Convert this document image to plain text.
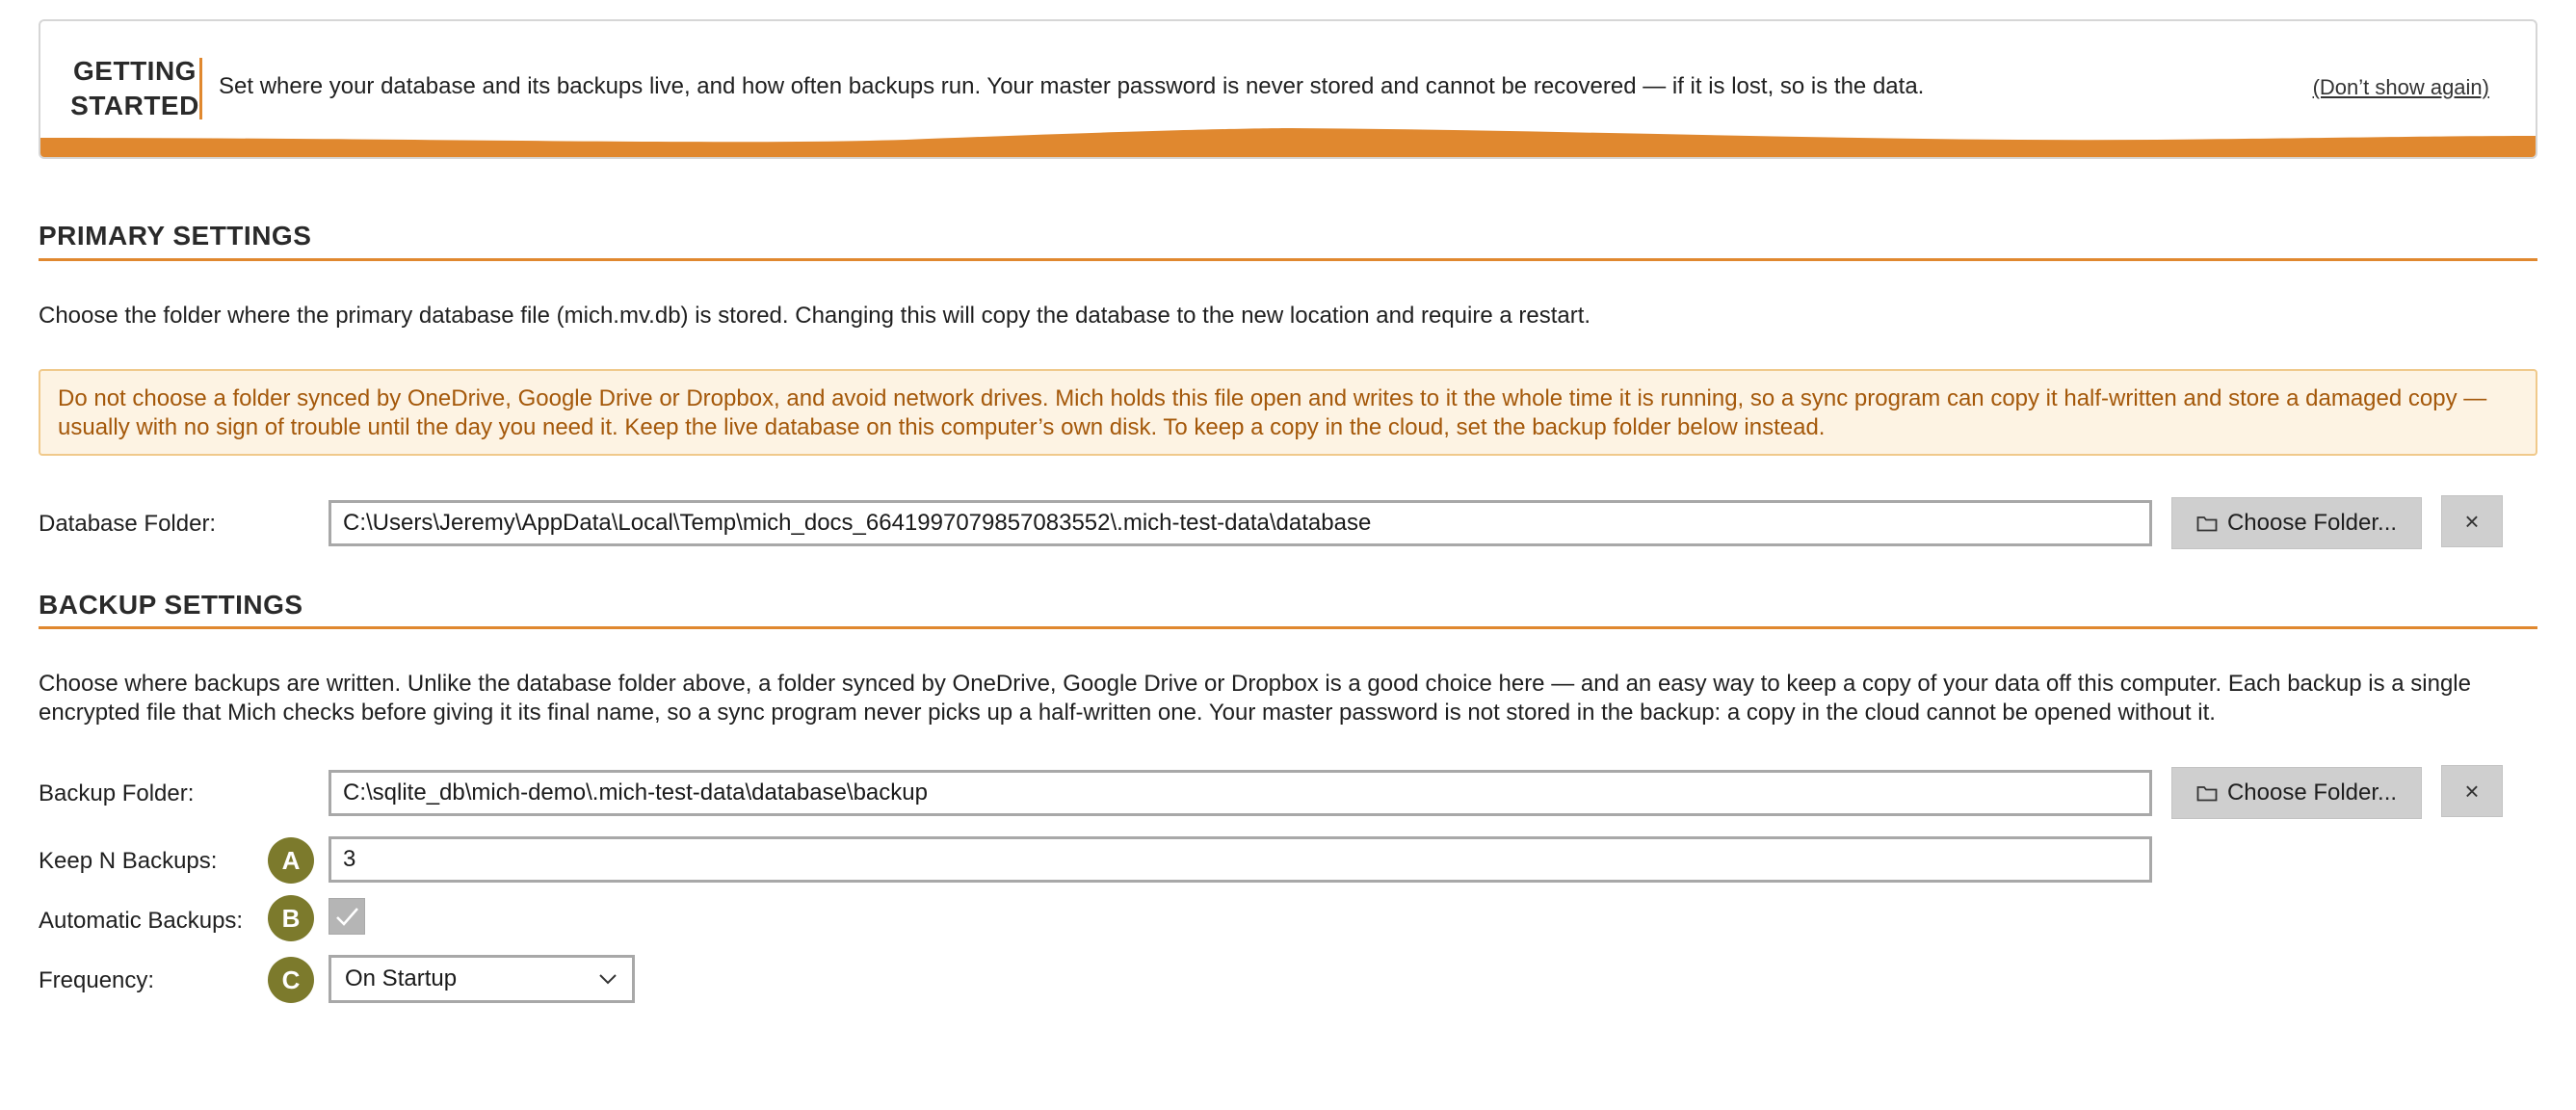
GETTING
STARTED
Set where your database and its backups live, and how often backups run. Your master password is never stored and cannot be recovered — if it is lost, so is the data.	(Don’t show again)
PRIMARY SETTINGS
Choose the folder where the primary database file (mich.mv.db) is stored. Changing this will copy the database to the new location and require a restart.
Do not choose a folder synced by OneDrive, Google Drive or Dropbox, and avoid network drives. Mich holds this file open and writes to it the whole time it is running, so a sync program can copy it half-written and store a damaged copy — usually with no sign of trouble until the day you need it. Keep the live database on this computer’s own disk. To keep a copy in the cloud, set the backup folder below instead.
Database Folder:	C:\Users\Jeremy\AppData\Local\Temp\mich_docs_6641997079857083552\.mich-test-data\database	Choose Folder...	×
BACKUP SETTINGS
Choose where backups are written. Unlike the database folder above, a folder synced by OneDrive, Google Drive or Dropbox is a good choice here — and an easy way to keep a copy of your data off this computer. Each backup is a single encrypted file that Mich checks before giving it its final name, so a sync program never picks up a half-written one. Your master password is not stored in the backup: a copy in the cloud cannot be opened without it.
Backup Folder:	C:\sqlite_db\mich-demo\.mich-test-data\database\backup	Choose Folder...	×
Keep N Backups:	A	3
Automatic Backups:	B
Frequency:	C	On Startup
